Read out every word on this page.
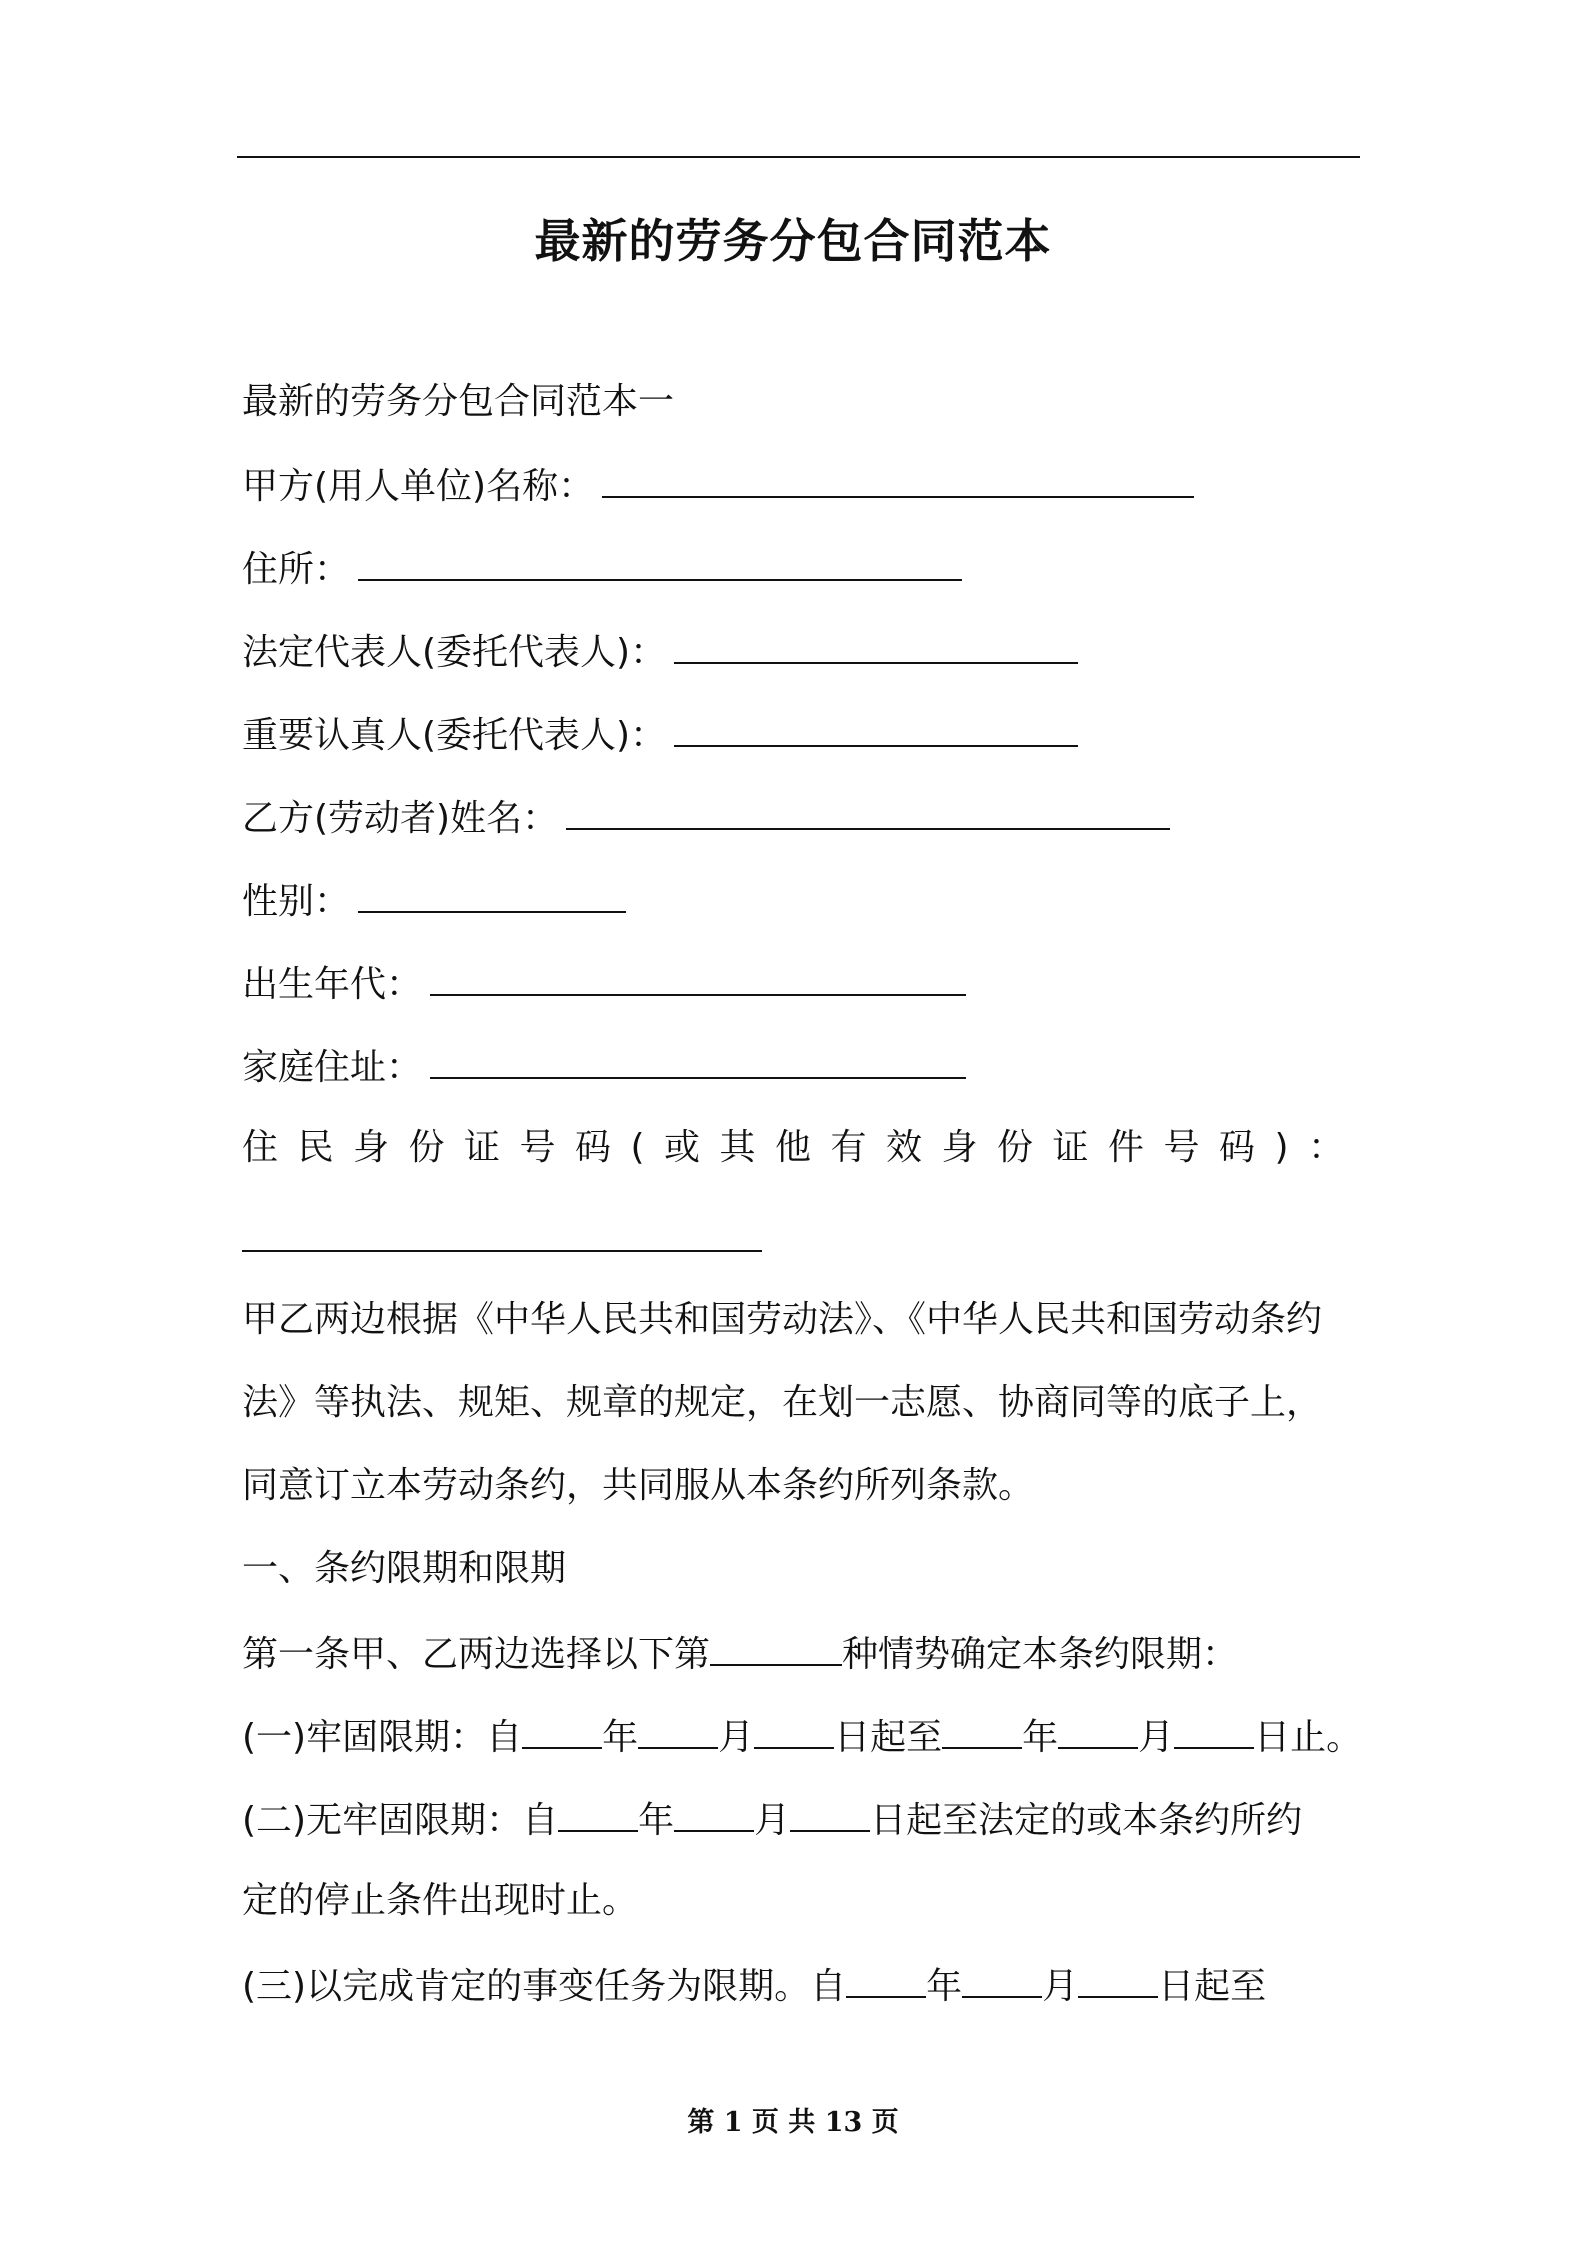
最新的劳务分包合同范本
最新的劳务分包合同范本一
甲方(用人单位)名称：
住所：
法定代表人(委托代表人)：
重要认真人(委托代表人)：
乙方(劳动者)姓名：
性别：
出生年代：
家庭住址：
住民身份证号码(或其他有效身份证件号码)：
甲乙两边根据《中华人民共和国劳动法》、《中华人民共和国劳动条约
法》等执法、规矩、规章的规定，在划一志愿、协商同等的底子上，
同意订立本劳动条约，共同服从本条约所列条款。
一、条约限期和限期
第一条甲、乙两边选择以下第	种情势确定本条约限期：
(一)牢固限期：自 年 月 日起至 年 月 日止。
(二)无牢固限期：自 年 月 日起至法定的或本条约所约
定的停止条件出现时止。
(三)以完成肯定的事变任务为限期。自 年 月 日起至
第 1 页 共 13 页
